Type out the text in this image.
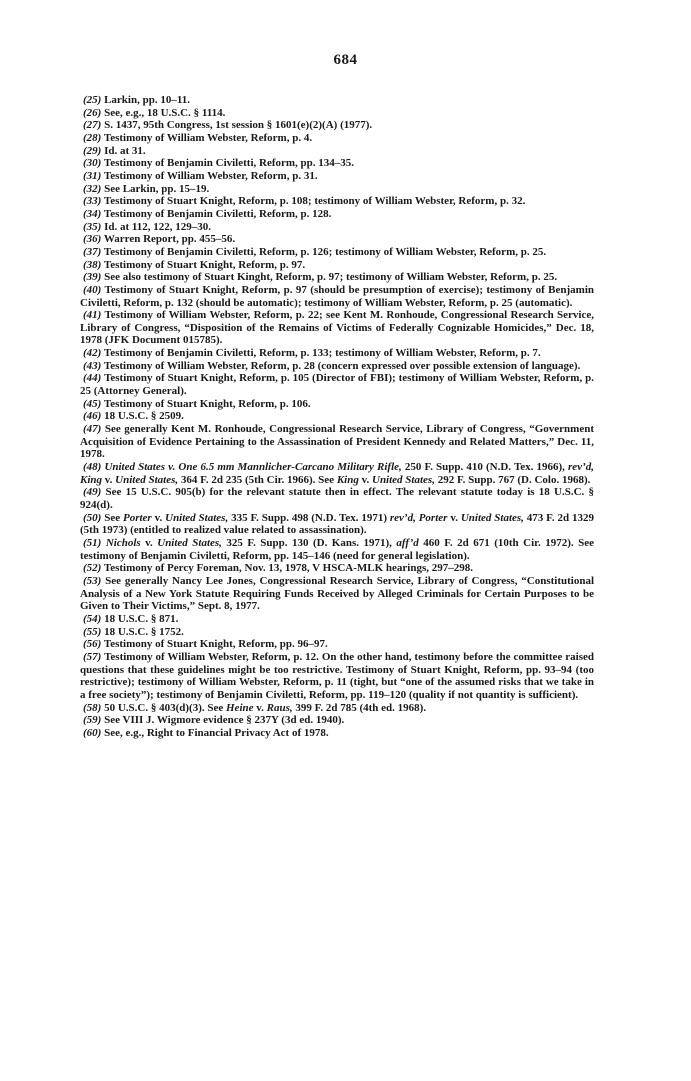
684

(25) Larkin, pp. 10–11.

(26) See, e.g., 18 U.S.C. § 1114.

(27) S. 1437, 95th Congress, 1st session § 1601(e)(2)(A) (1977).

(28) Testimony of William Webster, Reform, p. 4.

(29) Id. at 31.

(30) Testimony of Benjamin Civiletti, Reform, pp. 134–35.

(31) Testimony of William Webster, Reform, p. 31.

(32) See Larkin, pp. 15–19.

(33) Testimony of Stuart Knight, Reform, p. 108; testimony of William Webster, Reform, p. 32.

(34) Testimony of Benjamin Civiletti, Reform, p. 128.

(35) Id. at 112, 122, 129–30.

(36) Warren Report, pp. 455–56.

(37) Testimony of Benjamin Civiletti, Reform, p. 126; testimony of William Webster, Reform, p. 25.

(38) Testimony of Stuart Knight, Reform, p. 97.

(39) See also testimony of Stuart Kinght, Reform, p. 97; testimony of William Webster, Reform, p. 25.

(40) Testimony of Stuart Knight, Reform, p. 97 (should be presumption of exercise); testimony of Benjamin Civiletti, Reform, p. 132 (should be automatic); testimony of William Webster, Reform, p. 25 (automatic).

(41) Testimony of William Webster, Reform, p. 22; see Kent M. Ronhoude, Congressional Research Service, Library of Congress, “Disposition of the Remains of Victims of Federally Cognizable Homicides,” Dec. 18, 1978 (JFK Document 015785).

(42) Testimony of Benjamin Civiletti, Reform, p. 133; testimony of William Webster, Reform, p. 7.

(43) Testimony of William Webster, Reform, p. 28 (concern expressed over possible extension of language).

(44) Testimony of Stuart Knight, Reform, p. 105 (Director of FBI); testimony of William Webster, Reform, p. 25 (Attorney General).

(45) Testimony of Stuart Knight, Reform, p. 106.

(46) 18 U.S.C. § 2509.

(47) See generally Kent M. Ronhoude, Congressional Research Service, Library of Congress, “Government Acquisition of Evidence Pertaining to the Assassination of President Kennedy and Related Matters,” Dec. 11, 1978.

(48) United States v. One 6.5 mm Mannlicher-Carcano Military Rifle, 250 F. Supp. 410 (N.D. Tex. 1966), rev’d, King v. United States, 364 F. 2d 235 (5th Cir. 1966). See King v. United States, 292 F. Supp. 767 (D. Colo. 1968).

(49) See 15 U.S.C. 905(b) for the relevant statute then in effect. The relevant statute today is 18 U.S.C. § 924(d).

(50) See Porter v. United States, 335 F. Supp. 498 (N.D. Tex. 1971) rev’d, Porter v. United States, 473 F. 2d 1329 (5th 1973) (entitled to realized value related to assassination).

(51) Nichols v. United States, 325 F. Supp. 130 (D. Kans. 1971), aff’d 460 F. 2d 671 (10th Cir. 1972). See testimony of Benjamin Civiletti, Reform, pp. 145–146 (need for general legislation).

(52) Testimony of Percy Foreman, Nov. 13, 1978, V HSCA-MLK hearings, 297–298.

(53) See generally Nancy Lee Jones, Congressional Research Service, Library of Congress, “Constitutional Analysis of a New York Statute Requiring Funds Received by Alleged Criminals for Certain Purposes to be Given to Their Victims,” Sept. 8, 1977.

(54) 18 U.S.C. § 871.

(55) 18 U.S.C. § 1752.

(56) Testimony of Stuart Knight, Reform, pp. 96–97.

(57) Testimony of William Webster, Reform, p. 12. On the other hand, testimony before the committee raised questions that these guidelines might be too restrictive. Testimony of Stuart Knight, Reform, pp. 93–94 (too restrictive); testimony of William Webster, Reform, p. 11 (tight, but “one of the assumed risks that we take in a free society”); testimony of Benjamin Civiletti, Reform, pp. 119–120 (quality if not quantity is sufficient).

(58) 50 U.S.C. § 403(d)(3). See Heine v. Raus, 399 F. 2d 785 (4th ed. 1968).

(59) See VIII J. Wigmore evidence § 237Y (3d ed. 1940).

(60) See, e.g., Right to Financial Privacy Act of 1978.
